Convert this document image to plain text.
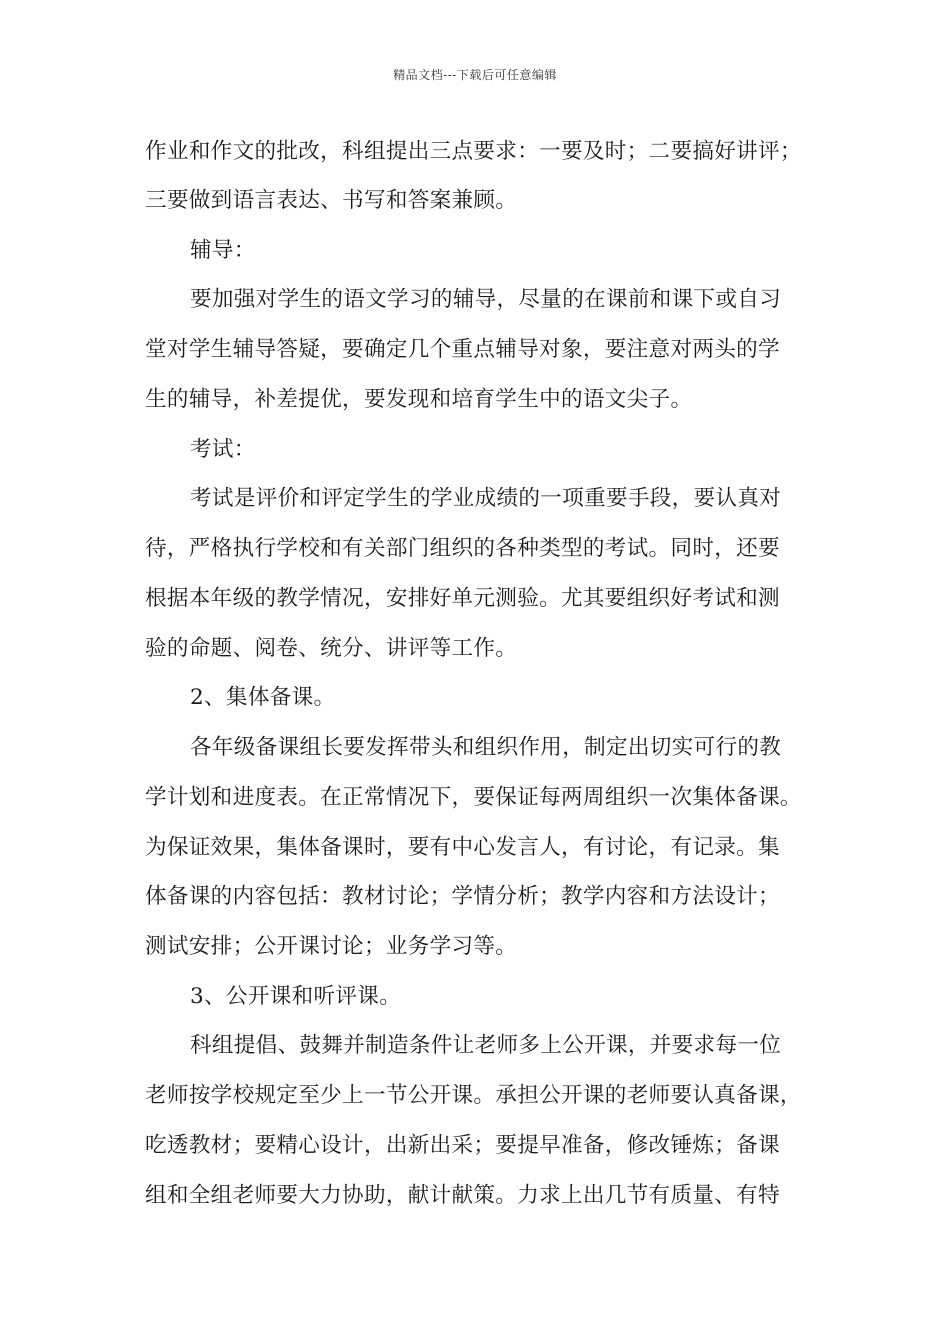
精品文档---下载后可任意编辑
作业和作文的批改，科组提出三点要求：一要及时；二要搞好讲评；
三要做到语言表达、书写和答案兼顾。
辅导：
要加强对学生的语文学习的辅导，尽量的在课前和课下或自习
堂对学生辅导答疑，要确定几个重点辅导对象，要注意对两头的学
生的辅导，补差提优，要发现和培育学生中的语文尖子。
考试：
考试是评价和评定学生的学业成绩的一项重要手段，要认真对
待，严格执行学校和有关部门组织的各种类型的考试。同时，还要
根据本年级的教学情况，安排好单元测验。尤其要组织好考试和测
验的命题、阅卷、统分、讲评等工作。
2、集体备课。
各年级备课组长要发挥带头和组织作用，制定出切实可行的教
学计划和进度表。在正常情况下，要保证每两周组织一次集体备课。
为保证效果，集体备课时，要有中心发言人，有讨论，有记录。集
体备课的内容包括：教材讨论；学情分析；教学内容和方法设计；
测试安排；公开课讨论；业务学习等。
3、公开课和听评课。
科组提倡、鼓舞并制造条件让老师多上公开课，并要求每一位
老师按学校规定至少上一节公开课。承担公开课的老师要认真备课，
吃透教材；要精心设计，出新出采；要提早准备，修改锤炼；备课
组和全组老师要大力协助，献计献策。力求上出几节有质量、有特
